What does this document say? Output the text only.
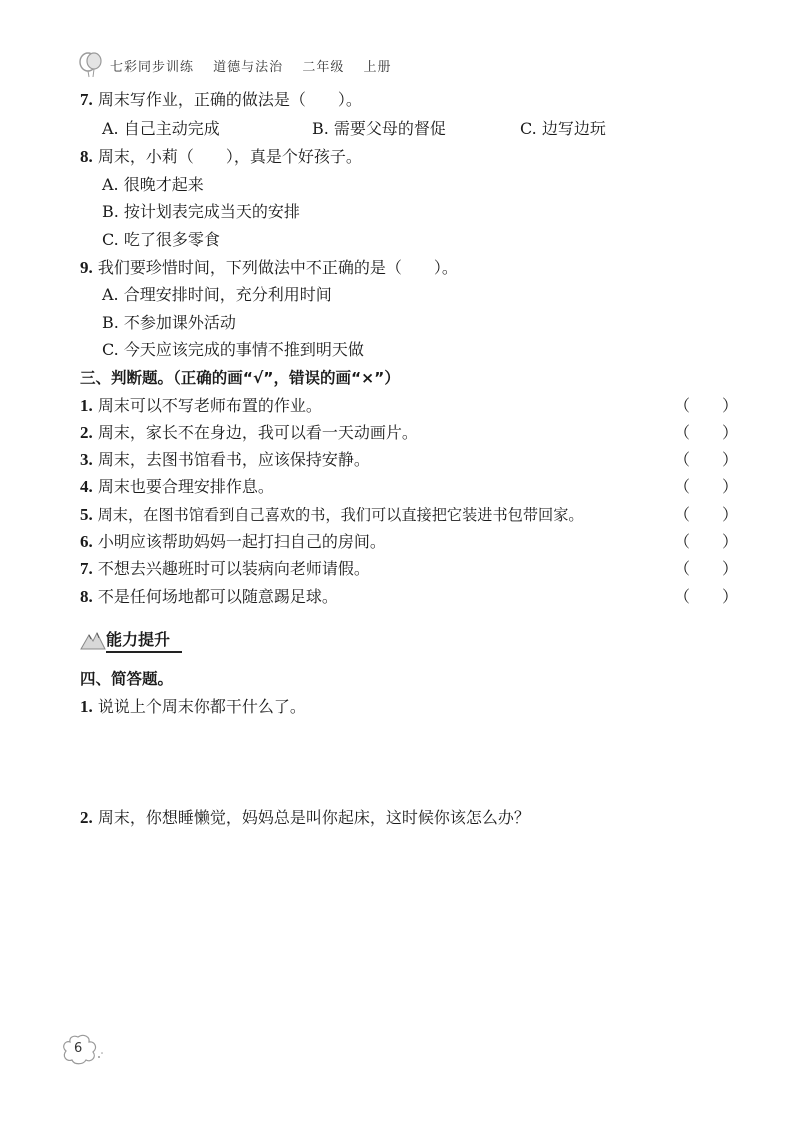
七彩同步训练 道德与法治 二年级 上册
7. 周末写作业，正确的做法是（　　）。
A. 自己主动完成	B. 需要父母的督促	C. 边写边玩
8. 周末，小莉（　　），真是个好孩子。
A. 很晚才起来
B. 按计划表完成当天的安排
C. 吃了很多零食
9. 我们要珍惜时间，下列做法中不正确的是（　　）。
A. 合理安排时间，充分利用时间
B. 不参加课外活动
C. 今天应该完成的事情不推到明天做
三、判断题。（正确的画“√”，错误的画“×”）
1. 周末可以不写老师布置的作业。	（　　）
2. 周末，家长不在身边，我可以看一天动画片。	（　　）
3. 周末，去图书馆看书，应该保持安静。	（　　）
4. 周末也要合理安排作息。	（　　）
5. 周末，在图书馆看到自己喜欢的书，我们可以直接把它装进书包带回家。	（　　）
6. 小明应该帮助妈妈一起打扫自己的房间。	（　　）
7. 不想去兴趣班时可以装病向老师请假。	（　　）
8. 不是任何场地都可以随意踢足球。	（　　）
能力提升
四、简答题。
1. 说说上个周末你都干什么了。
2. 周末，你想睡懒觉，妈妈总是叫你起床，这时候你该怎么办？
6
